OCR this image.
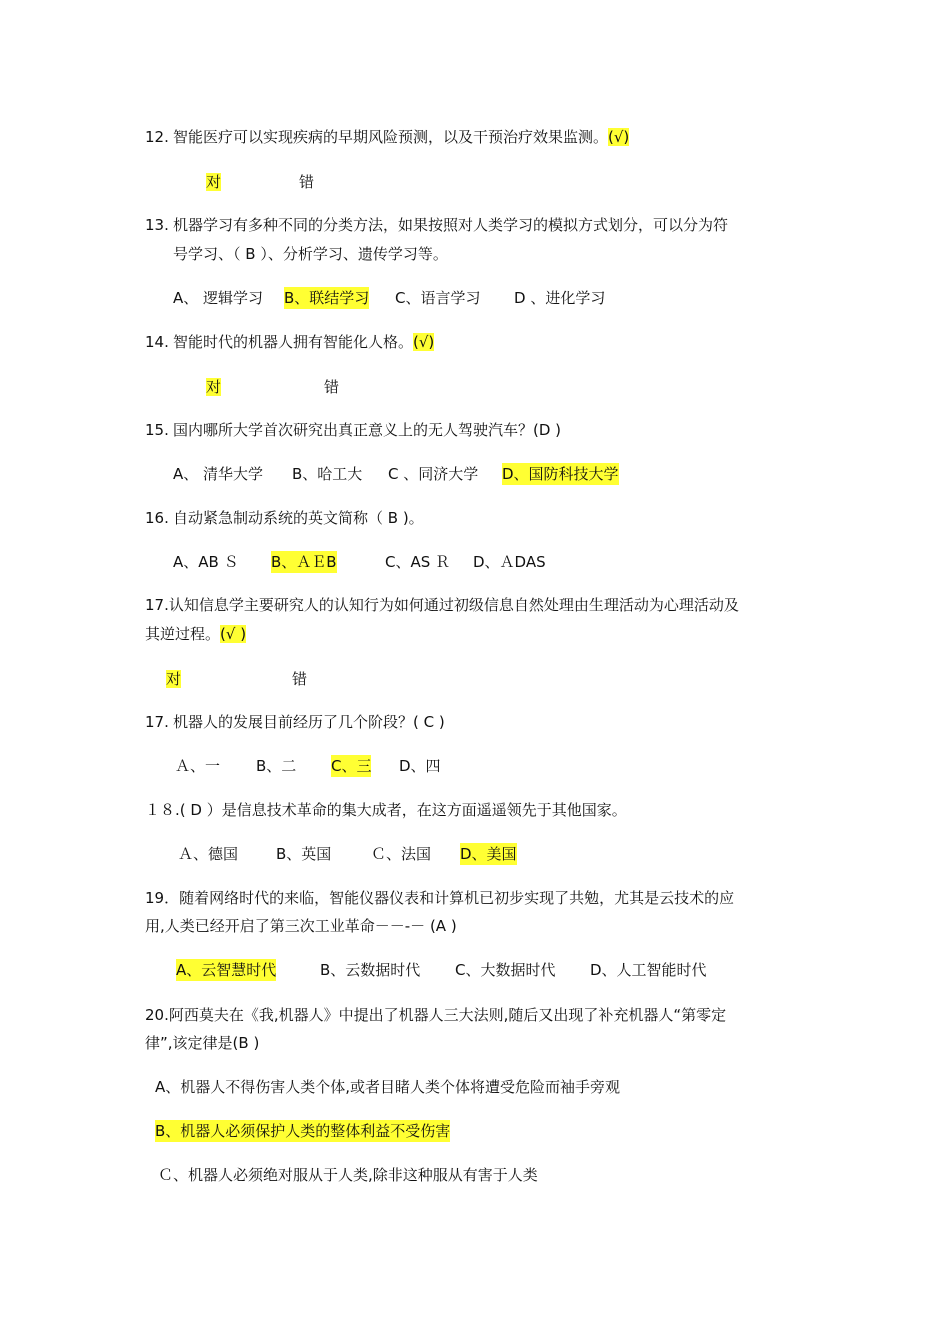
12. 智能医疗可以实现疾病的早期风险预测，以及干预治疗效果监测。(√)
对	错
13. 机器学习有多种不同的分类方法，如果按照对人类学习的模拟方式划分，可以分为符
号学习、（ B ）、分析学习、遗传学习等。
A、 逻辑学习 B、联结学习 C、语言学习 D 、进化学习
14. 智能时代的机器人拥有智能化人格。(√)
对	错
15. 国内哪所大学首次研究出真正意义上的无人驾驶汽车？(D )
A、 清华大学 B、哈工大 C 、同济大学 D、国防科技大学
16. 自动紧急制动系统的英文简称（ B )。
A、AB Ｓ B、ＡＥB	C、AS Ｒ D、ＡDAS
17.认知信息学主要研究人的认知行为如何通过初级信息自然处理由生理活动为心理活动及
其逆过程。(√ )
对	错
17. 机器人的发展目前经历了几个阶段？( C )
Ａ、一 B、二 C、三 D、四
１８.( D ）是信息技术革命的集大成者，在这方面遥遥领先于其他国家。
Ａ、德国	B、英国	Ｃ、法国 D、美国
19．随着网络时代的来临，智能仪器仪表和计算机已初步实现了共勉，尤其是云技术的应
用,人类已经开启了第三次工业革命－－-－ (A )
A、云智慧时代	B、云数据时代 C、大数据时代 D、人工智能时代
20.阿西莫夫在《我,机器人》中提出了机器人三大法则,随后又出现了补充机器人“第零定
律”,该定律是(B )
A、机器人不得伤害人类个体,或者目睹人类个体将遭受危险而袖手旁观
B、机器人必须保护人类的整体利益不受伤害
Ｃ、机器人必须绝对服从于人类,除非这种服从有害于人类
